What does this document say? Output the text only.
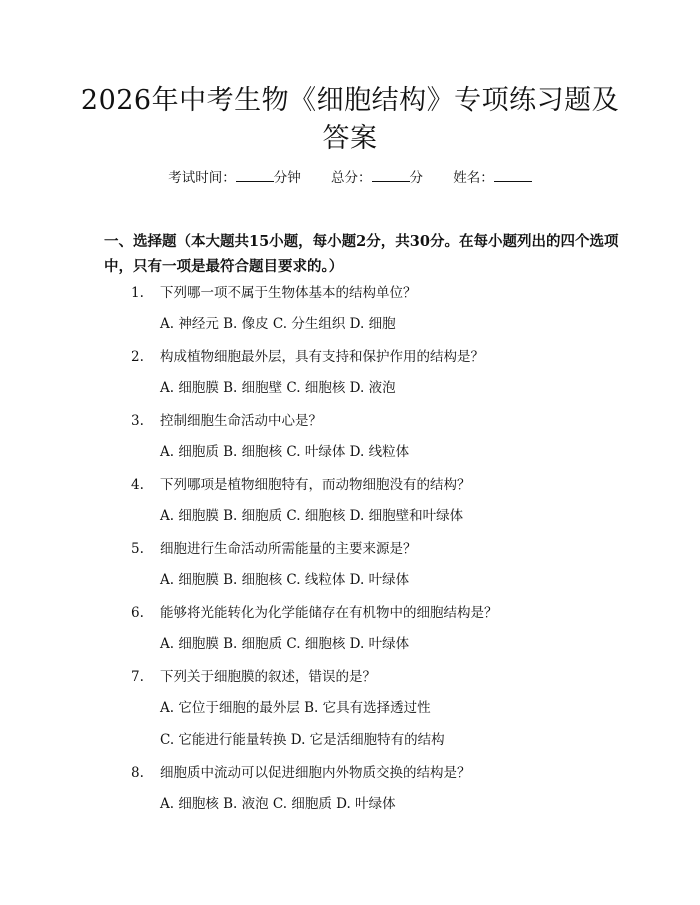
2026年中考生物《细胞结构》专项练习题及答案
考试时间：	分钟 总分：	分 姓名：
一、选择题（本大题共15小题，每小题2分，共30分。在每小题列出的四个选项中，只有一项是最符合题目要求的。）
1. 下列哪一项不属于生物体基本的结构单位？
A. 神经元 B. 像皮 C. 分生组织 D. 细胞
2. 构成植物细胞最外层，具有支持和保护作用的结构是？
A. 细胞膜 B. 细胞壁 C. 细胞核 D. 液泡
3. 控制细胞生命活动中心是？
A. 细胞质 B. 细胞核 C. 叶绿体 D. 线粒体
4. 下列哪项是植物细胞特有，而动物细胞没有的结构？
A. 细胞膜 B. 细胞质 C. 细胞核 D. 细胞壁和叶绿体
5. 细胞进行生命活动所需能量的主要来源是？
A. 细胞膜 B. 细胞核 C. 线粒体 D. 叶绿体
6. 能够将光能转化为化学能储存在有机物中的细胞结构是？
A. 细胞膜 B. 细胞质 C. 细胞核 D. 叶绿体
7. 下列关于细胞膜的叙述，错误的是？
A. 它位于细胞的最外层 B. 它具有选择透过性
C. 它能进行能量转换 D. 它是活细胞特有的结构
8. 细胞质中流动可以促进细胞内外物质交换的结构是？
A. 细胞核 B. 液泡 C. 细胞质 D. 叶绿体
